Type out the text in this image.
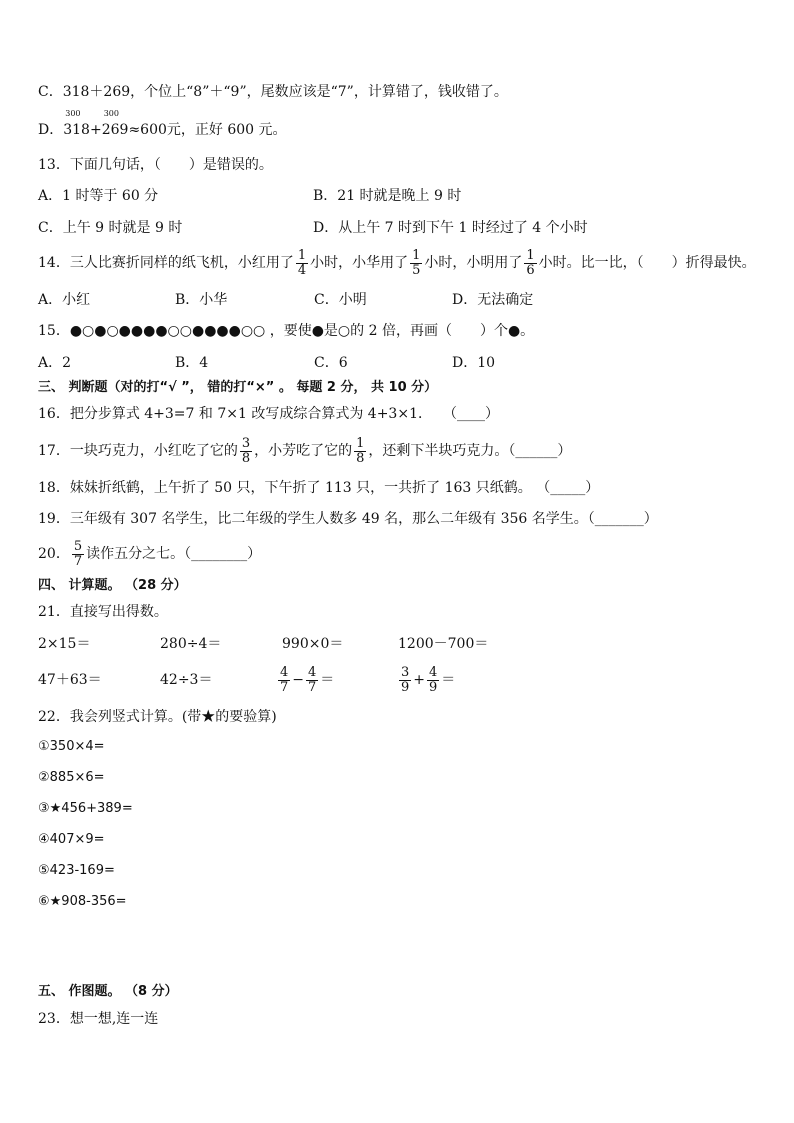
C．318＋269，个位上“8”＋“9”，尾数应该是“7”，计算错了，钱收错了。
D．
300
318+
300
269≈600元，正好 600 元。
13．下面几句话，（　　）是错误的。
A．1 时等于 60 分	B．21 时就是晚上 9 时
C．上午 9 时就是 9 时	D．从上午 7 时到下午 1 时经过了 4 个小时
14．三人比赛折同样的纸飞机，小红用了 $\frac{1}{4}$ 小时，小华用了 $\frac{1}{5}$ 小时，小明用了 $\frac{1}{6}$ 小时。比一比，（　　）折得最快。
A．小红	B．小华	C．小明	D．无法确定
15．●○●○●●●●○○●●●●○○ ，要使●是○的 2 倍，再画（　　）个●。
A．2	B．4	C．6	D．10
三、 判断题（对的打“√ ”， 错的打“×” 。 每题 2 分， 共 10 分）
16．把分步算式 4+3=7 和 7×1 改写成综合算式为 4+3×1． （____）
17．一块巧克力，小红吃了它的 $\frac{3}{8}$ ，小芳吃了它的 $\frac{1}{8}$ ，还剩下半块巧克力。（______）
18．妹妹折纸鹤，上午折了 50 只，下午折了 113 只，一共折了 163 只纸鹤。 （_____）
19．三年级有 307 名学生，比二年级的学生人数多 49 名，那么二年级有 356 名学生。（_______）
20． $\frac{5}{7}$ 读作五分之七。（________）
四、 计算题。 （28 分）
21．直接写出得数。
2×15＝	280÷4＝	990×0＝	1200－700＝
47＋63＝	42÷3＝	$\frac{4}{7} - \frac{4}{7}$ ＝	$\frac{3}{9} + \frac{4}{9}$ ＝
22．我会列竖式计算。(带★的要验算)
①350×4=
②885×6=
③★456+389=
④407×9=
⑤423-169=
⑥★908-356=
五、 作图题。 （8 分）
23．想一想,连一连
